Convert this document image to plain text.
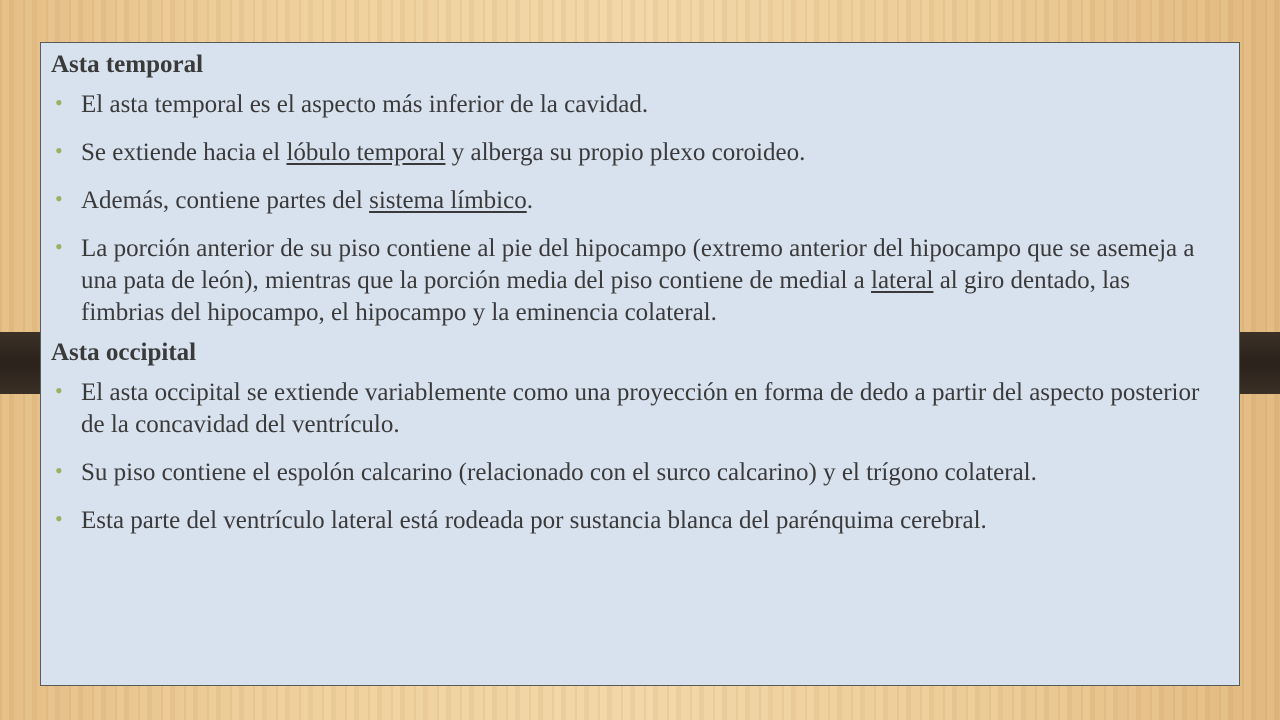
Asta temporal
• El asta temporal es el aspecto más inferior de la cavidad.
• Se extiende hacia el lóbulo temporal y alberga su propio plexo coroideo.
• Además, contiene partes del sistema límbico.
• La porción anterior de su piso contiene al pie del hipocampo (extremo anterior del hipocampo que se asemeja a una pata de león), mientras que la porción media del piso contiene de medial a lateral al giro dentado, las fimbrias del hipocampo, el hipocampo y la eminencia colateral.
Asta occipital
• El asta occipital se extiende variablemente como una proyección en forma de dedo a partir del aspecto posterior de la concavidad del ventrículo.
• Su piso contiene el espolón calcarino (relacionado con el surco calcarino) y el trígono colateral.
• Esta parte del ventrículo lateral está rodeada por sustancia blanca del parénquima cerebral.
